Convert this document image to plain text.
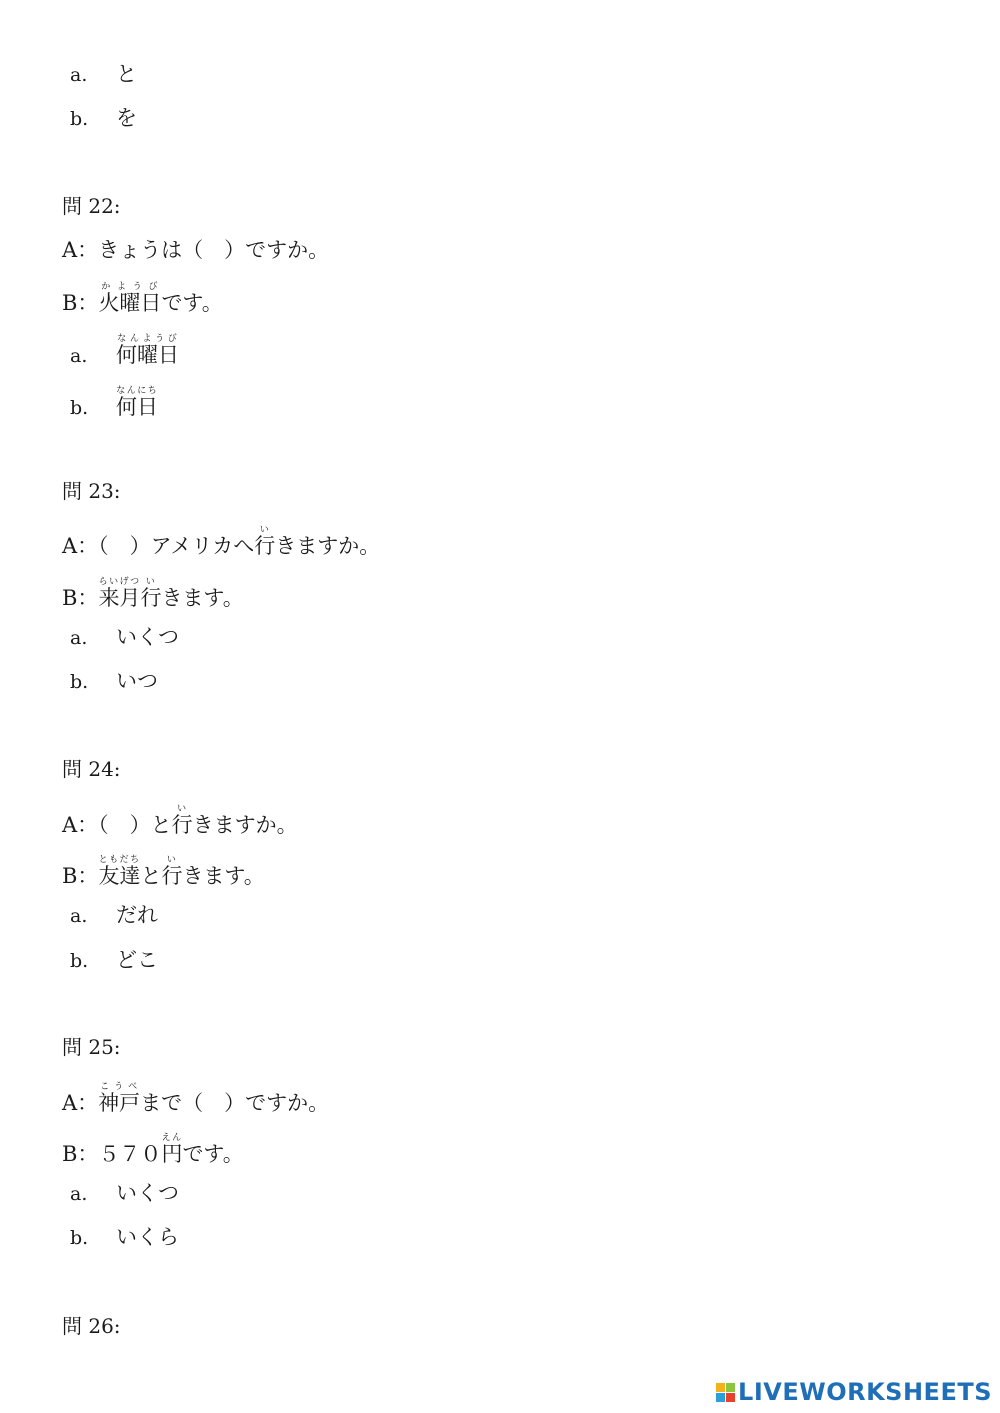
a. と
b. を
問 22:
A：きょうは（　）ですか。
B：火曜日かようびです。
a. 何曜日なんようび
b. 何日なんにち
問 23:
A：（　）アメリカへ行いきますか。
B：来月らいげつ行いきます。
a. いくつ
b. いつ
問 24:
A：（　）と行いきますか。
B：友達ともだちと行いきます。
a. だれ
b. どこ
問 25:
A：神戸こうべまで（　）ですか。
B：５７０円えんです。
a. いくつ
b. いくら
問 26:
LIVEWORKSHEETS
